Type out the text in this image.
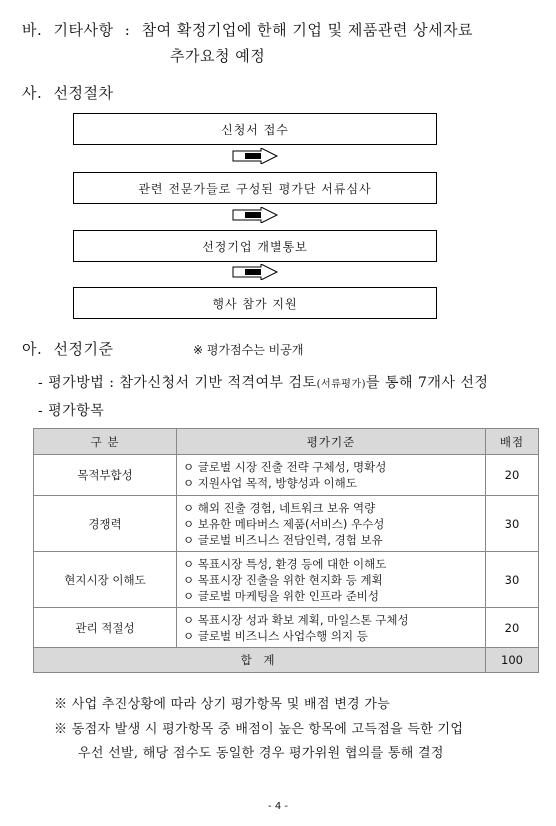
바. 기타사항 : 참여 확정기업에 한해 기업 및 제품관련 상세자료
추가요청 예정
사. 선정절차
신청서 접수
관련 전문가들로 구성된 평가단 서류심사
선정기업 개별통보
행사 참가 지원
아. 선정기준	※ 평가점수는 비공개
- 평가방법 : 참가신청서 기반 적격여부 검토(서류평가)를 통해 7개사 선정
- 평가항목
구 분	평가기준	배점
목적부합성	ㅇ 글로벌 시장 진출 전략 구체성, 명확성
ㅇ 지원사업 목적, 방향성과 이해도	20
경쟁력	ㅇ 해외 진출 경험, 네트워크 보유 역량
ㅇ 보유한 메타버스 제품(서비스) 우수성
ㅇ 글로벌 비즈니스 전담인력, 경험 보유	30
현지시장 이해도	ㅇ 목표시장 특성, 환경 등에 대한 이해도
ㅇ 목표시장 진출을 위한 현지화 등 계획
ㅇ 글로벌 마케팅을 위한 인프라 준비성	30
관리 적절성	ㅇ 목표시장 성과 확보 계획, 마일스톤 구체성
ㅇ 글로벌 비즈니스 사업수행 의지 등	20
합 계		100
※ 사업 추진상황에 따라 상기 평가항목 및 배점 변경 가능
※ 동점자 발생 시 평가항목 중 배점이 높은 항목에 고득점을 득한 기업
우선 선발, 해당 점수도 동일한 경우 평가위원 협의를 통해 결정
- 4 -
